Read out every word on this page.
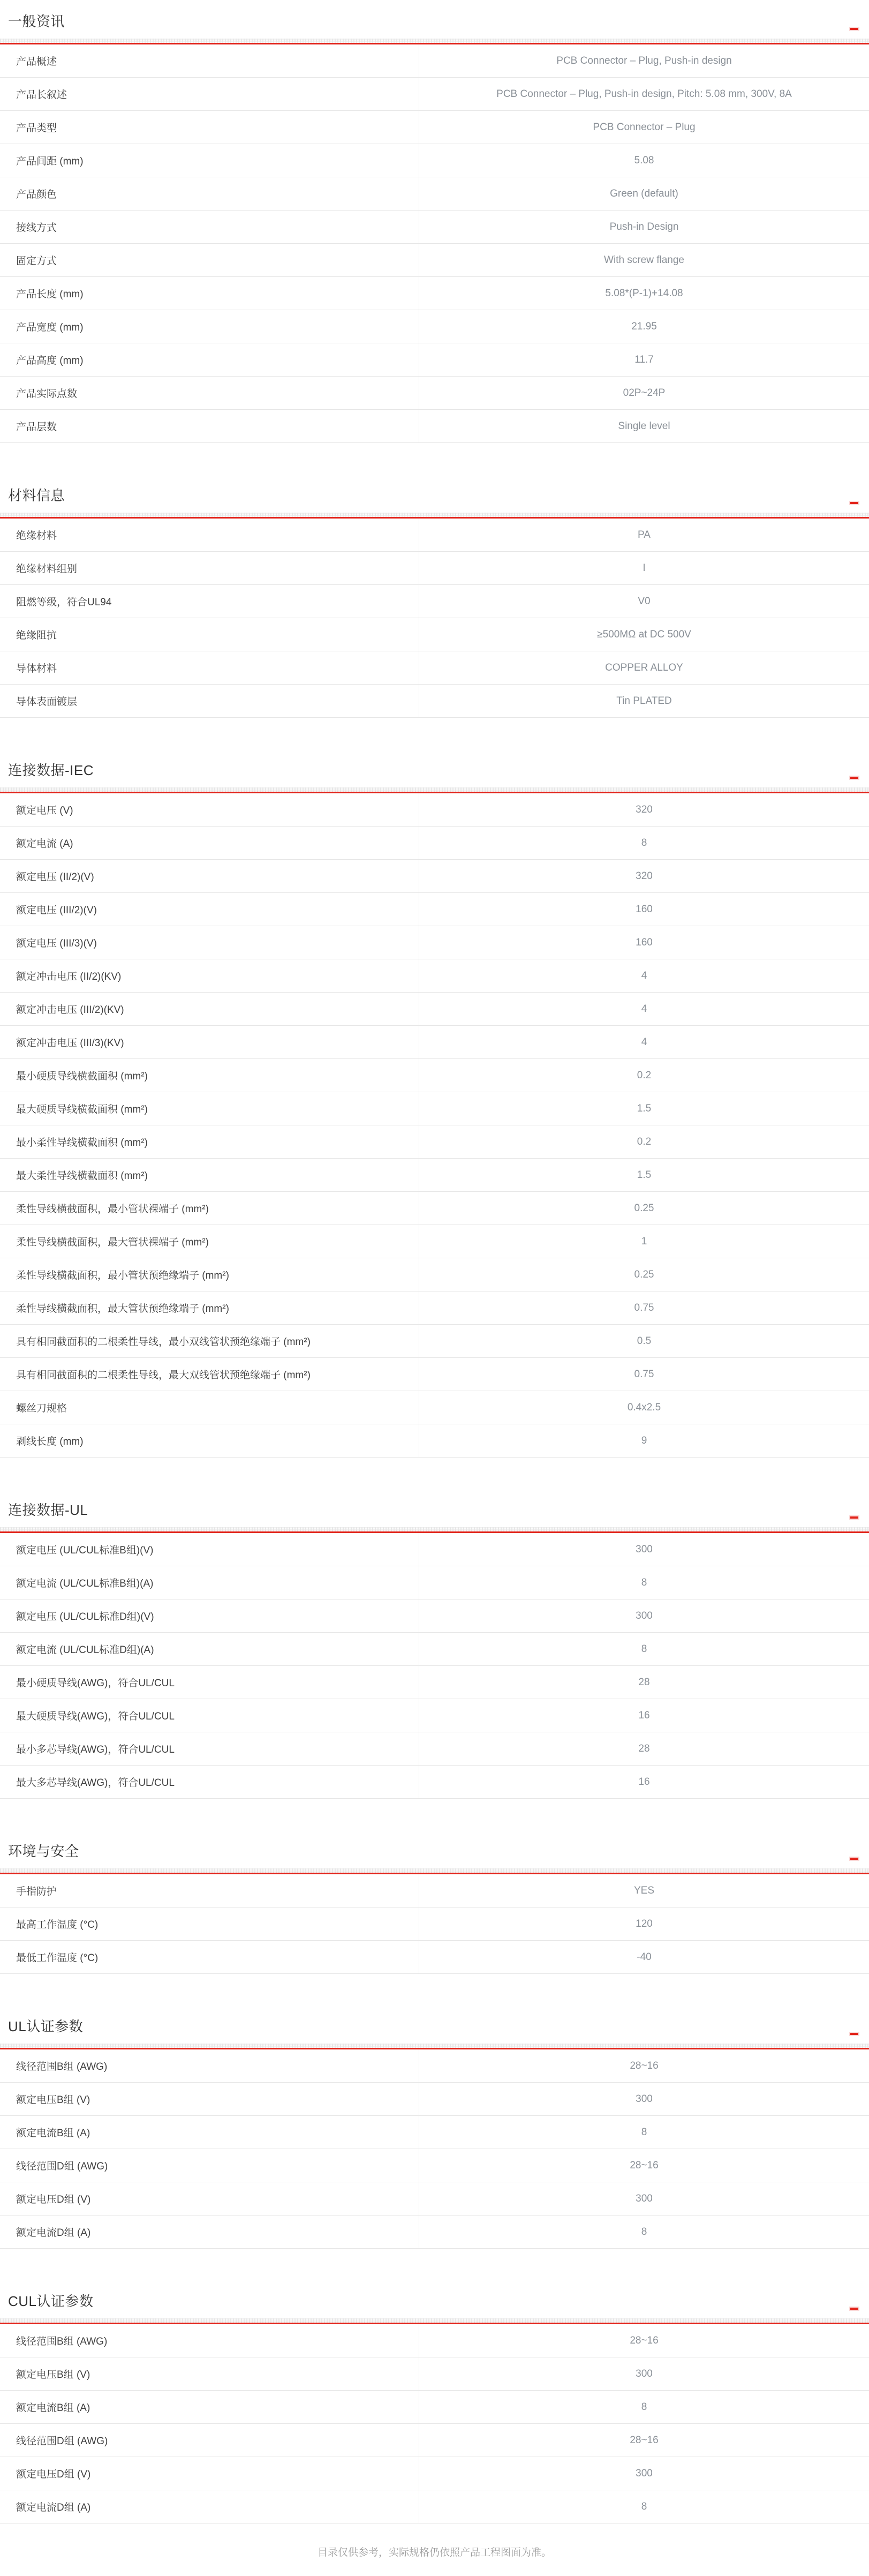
一般资讯
产品概述	PCB Connector – Plug, Push-in design
产品长叙述	PCB Connector – Plug, Push-in design, Pitch: 5.08 mm, 300V, 8A
产品类型	PCB Connector – Plug
产品间距 (mm)	5.08
产品颜色	Green (default)
接线方式	Push-in Design
固定方式	With screw flange
产品长度 (mm)	5.08*(P-1)+14.08
产品宽度 (mm)	21.95
产品高度 (mm)	11.7
产品实际点数	02P~24P
产品层数	Single level
材料信息
绝缘材料	PA
绝缘材料组别	I
阻燃等级，符合UL94	V0
绝缘阻抗	≥500MΩ at DC 500V
导体材料	COPPER ALLOY
导体表面镀层	Tin PLATED
连接数据-IEC
额定电压 (V)	320
额定电流 (A)	8
额定电压 (II/2)(V)	320
额定电压 (III/2)(V)	160
额定电压 (III/3)(V)	160
额定冲击电压 (II/2)(KV)	4
额定冲击电压 (III/2)(KV)	4
额定冲击电压 (III/3)(KV)	4
最小硬质导线横截面积 (mm²)	0.2
最大硬质导线横截面积 (mm²)	1.5
最小柔性导线横截面积 (mm²)	0.2
最大柔性导线横截面积 (mm²)	1.5
柔性导线横截面积，最小管状裸端子 (mm²)	0.25
柔性导线横截面积，最大管状裸端子 (mm²)	1
柔性导线横截面积，最小管状预绝缘端子 (mm²)	0.25
柔性导线横截面积，最大管状预绝缘端子 (mm²)	0.75
具有相同截面积的二根柔性导线，最小双线管状预绝缘端子 (mm²)	0.5
具有相同截面积的二根柔性导线，最大双线管状预绝缘端子 (mm²)	0.75
螺丝刀规格	0.4x2.5
剥线长度 (mm)	9
连接数据-UL
额定电压 (UL/CUL标准B组)(V)	300
额定电流 (UL/CUL标准B组)(A)	8
额定电压 (UL/CUL标准D组)(V)	300
额定电流 (UL/CUL标准D组)(A)	8
最小硬质导线(AWG)，符合UL/CUL	28
最大硬质导线(AWG)，符合UL/CUL	16
最小多芯导线(AWG)，符合UL/CUL	28
最大多芯导线(AWG)，符合UL/CUL	16
环境与安全
手指防护	YES
最高工作温度 (°C)	120
最低工作温度 (°C)	-40
UL认证参数
线径范围B组 (AWG)	28~16
额定电压B组 (V)	300
额定电流B组 (A)	8
线径范围D组 (AWG)	28~16
额定电压D组 (V)	300
额定电流D组 (A)	8
CUL认证参数
线径范围B组 (AWG)	28~16
额定电压B组 (V)	300
额定电流B组 (A)	8
线径范围D组 (AWG)	28~16
额定电压D组 (V)	300
额定电流D组 (A)	8
目录仅供参考，实际规格仍依照产品工程图面为准。
